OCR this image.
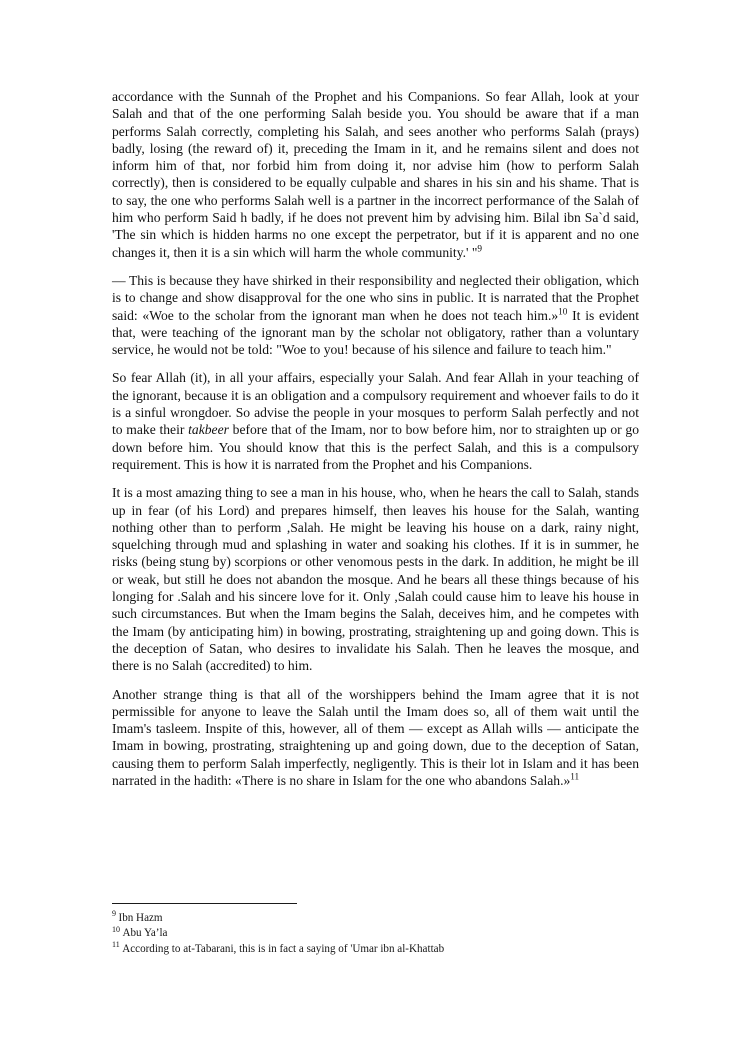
accordance with the Sunnah of the Prophet and his Companions. So fear Allah, look at your Salah and that of the one performing Salah beside you. You should be aware that if a man performs Salah correctly, completing his Salah, and sees another who performs Salah (prays) badly, losing (the reward of) it, preceding the Imam in it, and he remains silent and does not inform him of that, nor forbid him from doing it, nor advise him (how to perform Salah correctly), then is considered to be equally culpable and shares in his sin and his shame. That is to say, the one who performs Salah well is a partner in the incorrect performance of the Salah of him who perform Said h badly, if he does not prevent him by advising him. Bilal ibn Sa`d said, 'The sin which is hidden harms no one except the perpetrator, but if it is apparent and no one changes it, then it is a sin which will harm the whole community.' "$^9$

— This is because they have shirked in their responsibility and neglected their obligation, which is to change and show disapproval for the one who sins in public. It is narrated that the Prophet said: «Woe to the scholar from the ignorant man when he does not teach him.»$^{10}$ It is evident that, were teaching of the ignorant man by the scholar not obligatory, rather than a voluntary service, he would not be told: "Woe to you! because of his silence and failure to teach him."

So fear Allah (it), in all your affairs, especially your Salah. And fear Allah in your teaching of the ignorant, because it is an obligation and a compulsory requirement and whoever fails to do it is a sinful wrongdoer. So advise the people in your mosques to perform Salah perfectly and not to make their takbeer before that of the Imam, nor to bow before him, nor to straighten up or go down before him. You should know that this is the perfect Salah, and this is a compulsory requirement. This is how it is narrated from the Prophet and his Companions.

It is a most amazing thing to see a man in his house, who, when he hears the call to Salah, stands up in fear (of his Lord) and prepares himself, then leaves his house for the Salah, wanting nothing other than to perform ,Salah. He might be leaving his house on a dark, rainy night, squelching through mud and splashing in water and soaking his clothes. If it is in summer, he risks (being stung by) scorpions or other venomous pests in the dark. In addition, he might be ill or weak, but still he does not abandon the mosque. And he bears all these things because of his longing for .Salah and his sincere love for it. Only ,Salah could cause him to leave his house in such circumstances. But when the Imam begins the Salah, deceives him, and he competes with the Imam (by anticipating him) in bowing, prostrating, straightening up and going down. This is the deception of Satan, who desires to invalidate his Salah. Then he leaves the mosque, and there is no Salah (accredited) to him.

Another strange thing is that all of the worshippers behind the Imam agree that it is not permissible for anyone to leave the Salah until the Imam does so, all of them wait until the Imam's tasleem. Inspite of this, however, all of them — except as Allah wills — anticipate the Imam in bowing, prostrating, straightening up and going down, due to the deception of Satan, causing them to perform Salah imperfectly, negligently. This is their lot in Islam and it has been narrated in the hadith: «There is no share in Islam for the one who abandons Salah.»$^{11}$

$^9$ Ibn Hazm

$^{10}$ Abu Ya’la

$^{11}$ According to at-Tabarani, this is in fact a saying of 'Umar ibn al-Khattab
